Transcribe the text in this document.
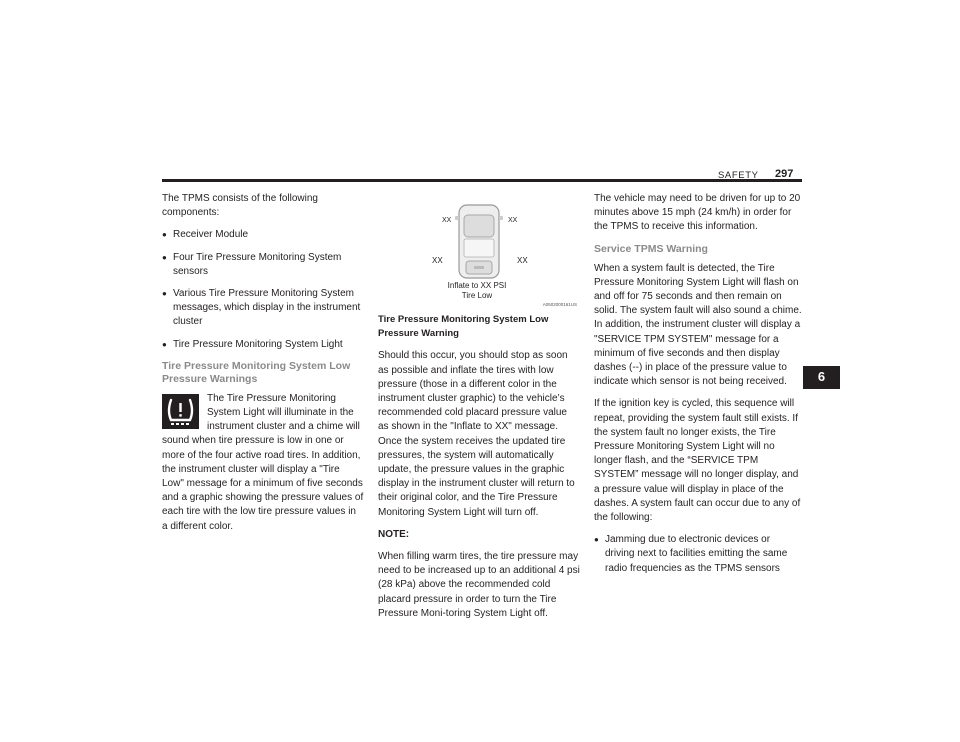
SAFETY 297

The TPMS consists of the following components:

● Receiver Module
● Four Tire Pressure Monitoring System sensors
● Various Tire Pressure Monitoring System messages, which display in the instrument cluster
● Tire Pressure Monitoring System Light
Tire Pressure Monitoring System Low Pressure Warnings

The Tire Pressure Monitoring System Light will illuminate in the instrument cluster and a chime will sound when tire pressure is low in one or more of the four active road tires. In addition, the instrument cluster will display a "Tire Low" message for a minimum of five seconds and a graphic showing the pressure values of each tire with the low tire pressure values in a different color.

XX	XX
XX	XX
Inflate to XX PSI
Tire Low
A0502000161US

Tire Pressure Monitoring System Low Pressure Warning

Should this occur, you should stop as soon as possible and inflate the tires with low pressure (those in a different color in the instrument cluster graphic) to the vehicle’s recommended cold placard pressure value as shown in the "Inflate to XX" message. Once the system receives the updated tire pressures, the system will automatically update, the pressure values in the graphic display in the instrument cluster will return to their original color, and the Tire Pressure Monitoring System Light will turn off.

NOTE:

When filling warm tires, the tire pressure may need to be increased up to an additional 4 psi (28 kPa) above the recommended cold placard pressure in order to turn the Tire Pressure Moni-toring System Light off.

The vehicle may need to be driven for up to 20 minutes above 15 mph (24 km/h) in order for the TPMS to receive this information.

Service TPMS Warning

When a system fault is detected, the Tire Pressure Monitoring System Light will flash on and off for 75 seconds and then remain on solid. The system fault will also sound a chime. In addition, the instrument cluster will display a "SERVICE TPM SYSTEM" message for a minimum of five seconds and then display dashes (--) in place of the pressure value to indicate which sensor is not being received.

If the ignition key is cycled, this sequence will repeat, providing the system fault still exists. If the system fault no longer exists, the Tire Pressure Monitoring System Light will no longer flash, and the “SERVICE TPM SYSTEM” message will no longer display, and a pressure value will display in place of the dashes. A system fault can occur due to any of the following:

● Jamming due to electronic devices or driving next to facilities emitting the same radio frequencies as the TPMS sensors
6
